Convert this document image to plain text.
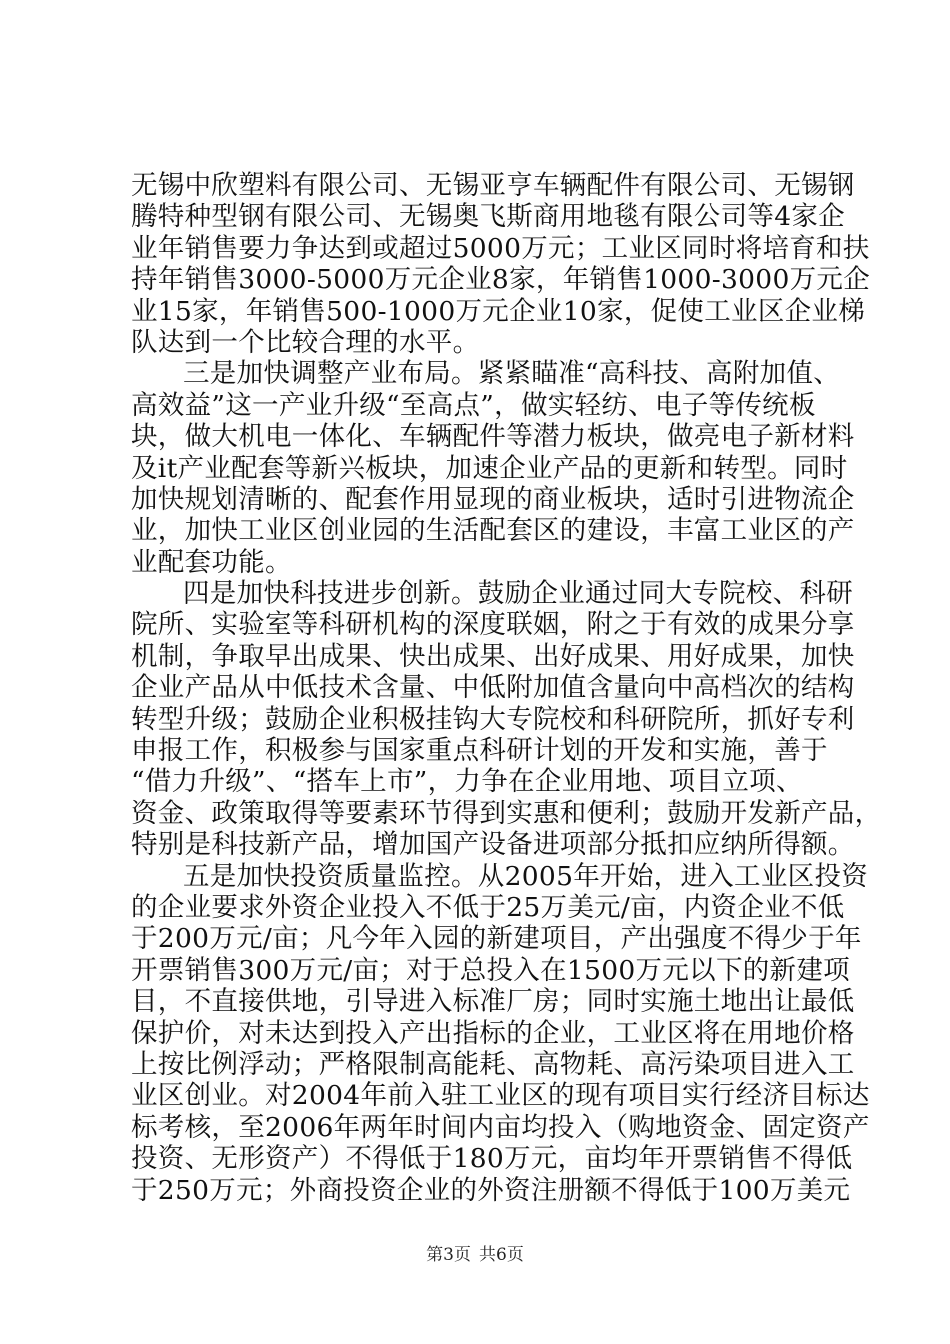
无锡中欣塑料有限公司、无锡亚亨车辆配件有限公司、无锡钢
腾特种型钢有限公司、无锡奥飞斯商用地毯有限公司等4家企
业年销售要力争达到或超过5000万元；工业区同时将培育和扶
持年销售3000-5000万元企业8家，年销售1000-3000万元企
业15家，年销售500-1000万元企业10家，促使工业区企业梯
队达到一个比较合理的水平。
三是加快调整产业布局。紧紧瞄准“高科技、高附加值、
高效益”这一产业升级“至高点”，做实轻纺、电子等传统板
块，做大机电一体化、车辆配件等潜力板块，做亮电子新材料
及it产业配套等新兴板块，加速企业产品的更新和转型。同时
加快规划清晰的、配套作用显现的商业板块，适时引进物流企
业，加快工业区创业园的生活配套区的建设，丰富工业区的产
业配套功能。
四是加快科技进步创新。鼓励企业通过同大专院校、科研
院所、实验室等科研机构的深度联姻，附之于有效的成果分享
机制，争取早出成果、快出成果、出好成果、用好成果，加快
企业产品从中低技术含量、中低附加值含量向中高档次的结构
转型升级；鼓励企业积极挂钩大专院校和科研院所，抓好专利
申报工作，积极参与国家重点科研计划的开发和实施，善于
“借力升级”、“搭车上市”，力争在企业用地、项目立项、
资金、政策取得等要素环节得到实惠和便利；鼓励开发新产品，
特别是科技新产品，增加国产设备进项部分抵扣应纳所得额。
五是加快投资质量监控。从2005年开始，进入工业区投资
的企业要求外资企业投入不低于25万美元/亩，内资企业不低
于200万元/亩；凡今年入园的新建项目，产出强度不得少于年
开票销售300万元/亩；对于总投入在1500万元以下的新建项
目，不直接供地，引导进入标准厂房；同时实施土地出让最低
保护价，对未达到投入产出指标的企业，工业区将在用地价格
上按比例浮动；严格限制高能耗、高物耗、高污染项目进入工
业区创业。对2004年前入驻工业区的现有项目实行经济目标达
标考核，至2006年两年时间内亩均投入（购地资金、固定资产
投资、无形资产）不得低于180万元，亩均年开票销售不得低
于250万元；外商投资企业的外资注册额不得低于100万美元
第3页 共6页
